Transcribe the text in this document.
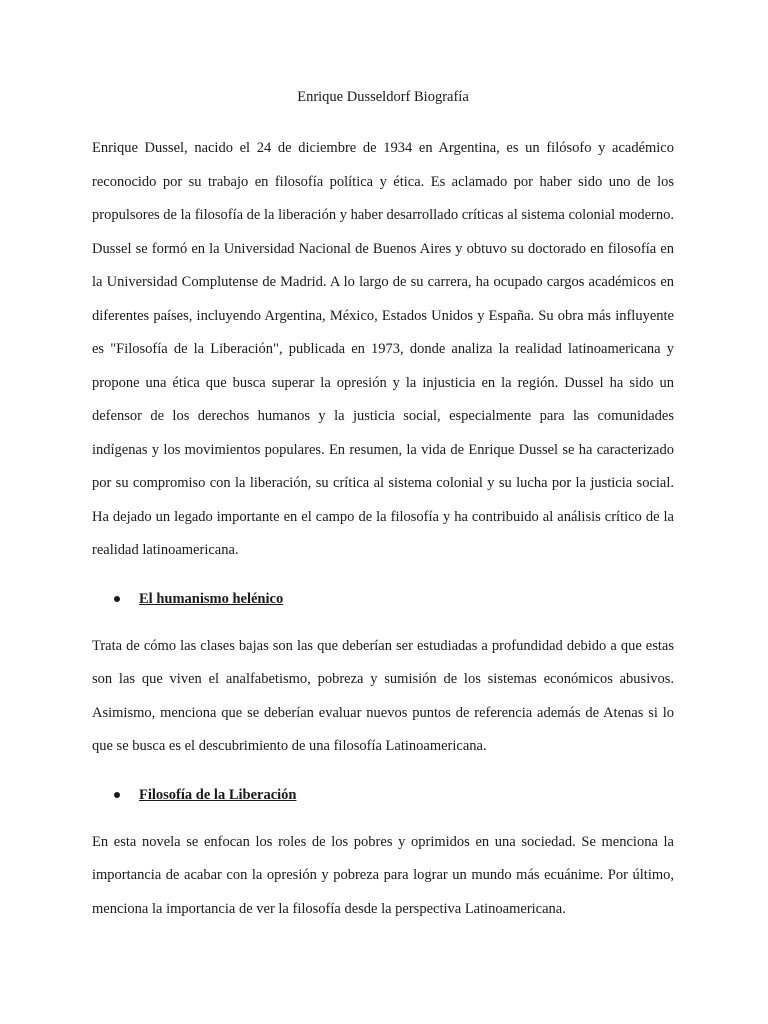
Enrique Dusseldorf Biografía

Enrique Dussel, nacido el 24 de diciembre de 1934 en Argentina, es un filósofo y académico reconocido por su trabajo en filosofía política y ética. Es aclamado por haber sido uno de los propulsores de la filosofía de la liberación y haber desarrollado críticas al sistema colonial moderno. Dussel se formó en la Universidad Nacional de Buenos Aires y obtuvo su doctorado en filosofía en la Universidad Complutense de Madrid. A lo largo de su carrera, ha ocupado cargos académicos en diferentes países, incluyendo Argentina, México, Estados Unidos y España. Su obra más influyente es "Filosofía de la Liberación", publicada en 1973, donde analiza la realidad latinoamericana y propone una ética que busca superar la opresión y la injusticia en la región. Dussel ha sido un defensor de los derechos humanos y la justicia social, especialmente para las comunidades indígenas y los movimientos populares. En resumen, la vida de Enrique Dussel se ha caracterizado por su compromiso con la liberación, su crítica al sistema colonial y su lucha por la justicia social. Ha dejado un legado importante en el campo de la filosofía y ha contribuido al análisis crítico de la realidad latinoamericana.

El humanismo helénico

Trata de cómo las clases bajas son las que deberían ser estudiadas a profundidad debido a que estas son las que viven el analfabetismo, pobreza y sumisión de los sistemas económicos abusivos. Asimismo, menciona que se deberían evaluar nuevos puntos de referencia además de Atenas si lo que se busca es el descubrimiento de una filosofía Latinoamericana.

Filosofía de la Liberación

En esta novela se enfocan los roles de los pobres y oprimidos en una sociedad. Se menciona la importancia de acabar con la opresión y pobreza para lograr un mundo más ecuánime. Por último, menciona la importancia de ver la filosofía desde la perspectiva Latinoamericana.
